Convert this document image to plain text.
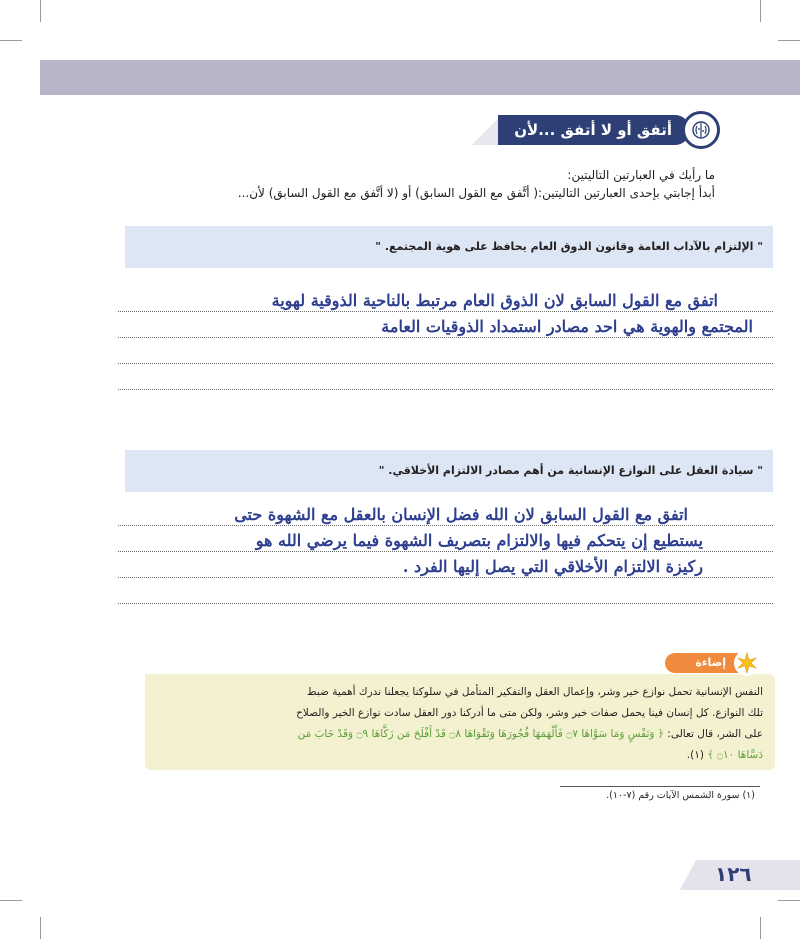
أتفق أو لا أتفق ...لأن
ما رأيك في العبارتين التاليتين:
أبدأ إجابتي بإحدى العبارتين التاليتين:( أتَّفق مع القول السابق) أو (لا أتَّفق مع القول السابق) لأن...
" الإلتزام بالآداب العامة وقانون الذوق العام يحافظ على هوية المجتمع. "
اتفق مع القول السابق لان الذوق العام مرتبط بالناحية الذوقية لهوية
المجتمع والهوية هي احد مصادر استمداد الذوقيات العامة
" سيادة العقل على النوازع الإنسانية من أهم مصادر الالتزام الأخلاقي. "
اتفق مع القول السابق لان الله فضل الإنسان بالعقل مع الشهوة حتى
يستطيع إن يتحكم فيها والالتزام بتصريف الشهوة فيما يرضي الله هو
ركيزة الالتزام الأخلاقي التي يصل إليها الفرد .
إضاءة
النفس الإنسانية تحمل نوازع خير وشر، وإعمال العقل والتفكير المتأمل في سلوكنا يجعلنا ندرك أهمية ضبط
تلك النوازع. كل إنسان فينا يحمل صفات خير وشر، ولكن متى ما أدركنا دور العقل سادت نوازع الخير والصلاح
على الشر، قال تعالى: ﴿ وَنَفْسٍ وَمَا سَوَّاهَا ۝٧ فَأَلْهَمَهَا فُجُورَهَا وَتَقْوَاهَا ۝٨ قَدْ أَفْلَحَ مَن زَكَّاهَا ۝٩ وَقَدْ خَابَ مَن
دَسَّاهَا ۝١٠ ﴾ (١).
(١) سورة الشمس الآيات رقم (٧-١٠).
١٢٦
